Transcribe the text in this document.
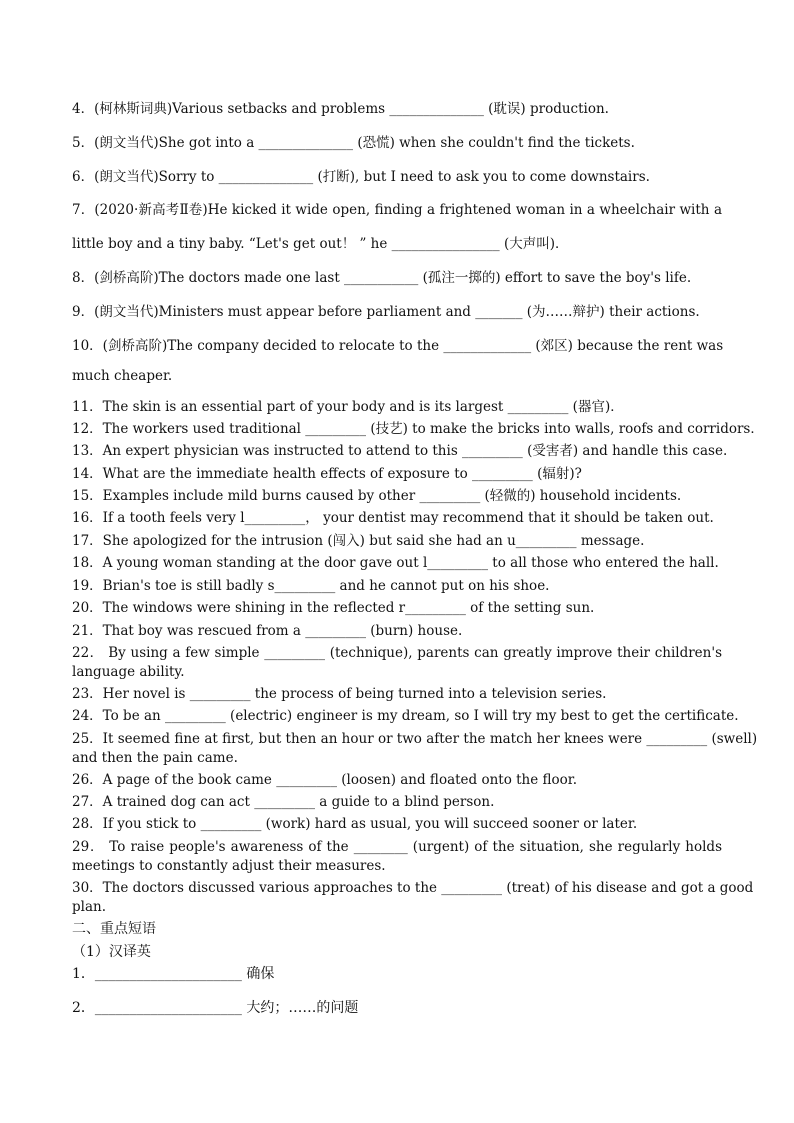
4．(柯林斯词典)Various setbacks and problems ______________ (耽误) production.
5．(朗文当代)She got into a ______________ (恐慌) when she couldn't find the tickets.
6．(朗文当代)Sorry to ______________ (打断), but I need to ask you to come downstairs.
7．(2020·新高考Ⅱ卷)He kicked it wide open, finding a frightened woman in a wheelchair with a
little boy and a tiny baby. “Let's get out！ ” he ________________ (大声叫)．
8．(剑桥高阶)The doctors made one last ___________ (孤注一掷的) effort to save the boy's life.
9．(朗文当代)Ministers must appear before parliament and _______ (为……辩护) their actions.
10．(剑桥高阶)The company decided to relocate to the _____________ (郊区) because the rent was
much cheaper.
11．The skin is an essential part of your body and is its largest _________ (器官)．
12．The workers used traditional _________ (技艺) to make the bricks into walls, roofs and corridors．
13．An expert physician was instructed to attend to this _________ (受害者) and handle this case.
14．What are the immediate health effects of exposure to _________ (辐射)?
15．Examples include mild burns caused by other _________ (轻微的) household incidents.
16．If a tooth feels very l_________， your dentist may recommend that it should be taken out.
17．She apologized for the intrusion (闯入) but said she had an u_________ message.
18．A young woman standing at the door gave out l_________ to all those who entered the hall.
19．Brian's toe is still badly s_________ and he cannot put on his shoe.
20．The windows were shining in the reflected r_________ of the setting sun.
21．That boy was rescued from a _________ (burn) house.
22． By using a few simple _________ (technique), parents can greatly improve their children's
language ability.
23．Her novel is _________ the process of being turned into a television series.
24．To be an _________ (electric) engineer is my dream, so I will try my best to get the certificate.
25．It seemed fine at first, but then an hour or two after the match her knees were _________ (swell)
and then the pain came.
26．A page of the book came _________ (loosen) and floated onto the floor.
27．A trained dog can act _________ a guide to a blind person.
28．If you stick to _________ (work) hard as usual, you will succeed sooner or later.
29． To raise people's awareness of the ________ (urgent) of the situation, she regularly holds
meetings to constantly adjust their measures.
30．The doctors discussed various approaches to the _________ (treat) of his disease and got a good
plan.
二、重点短语
（1）汉译英
1．_____________________ 确保
2．_____________________ 大约；……的问题
